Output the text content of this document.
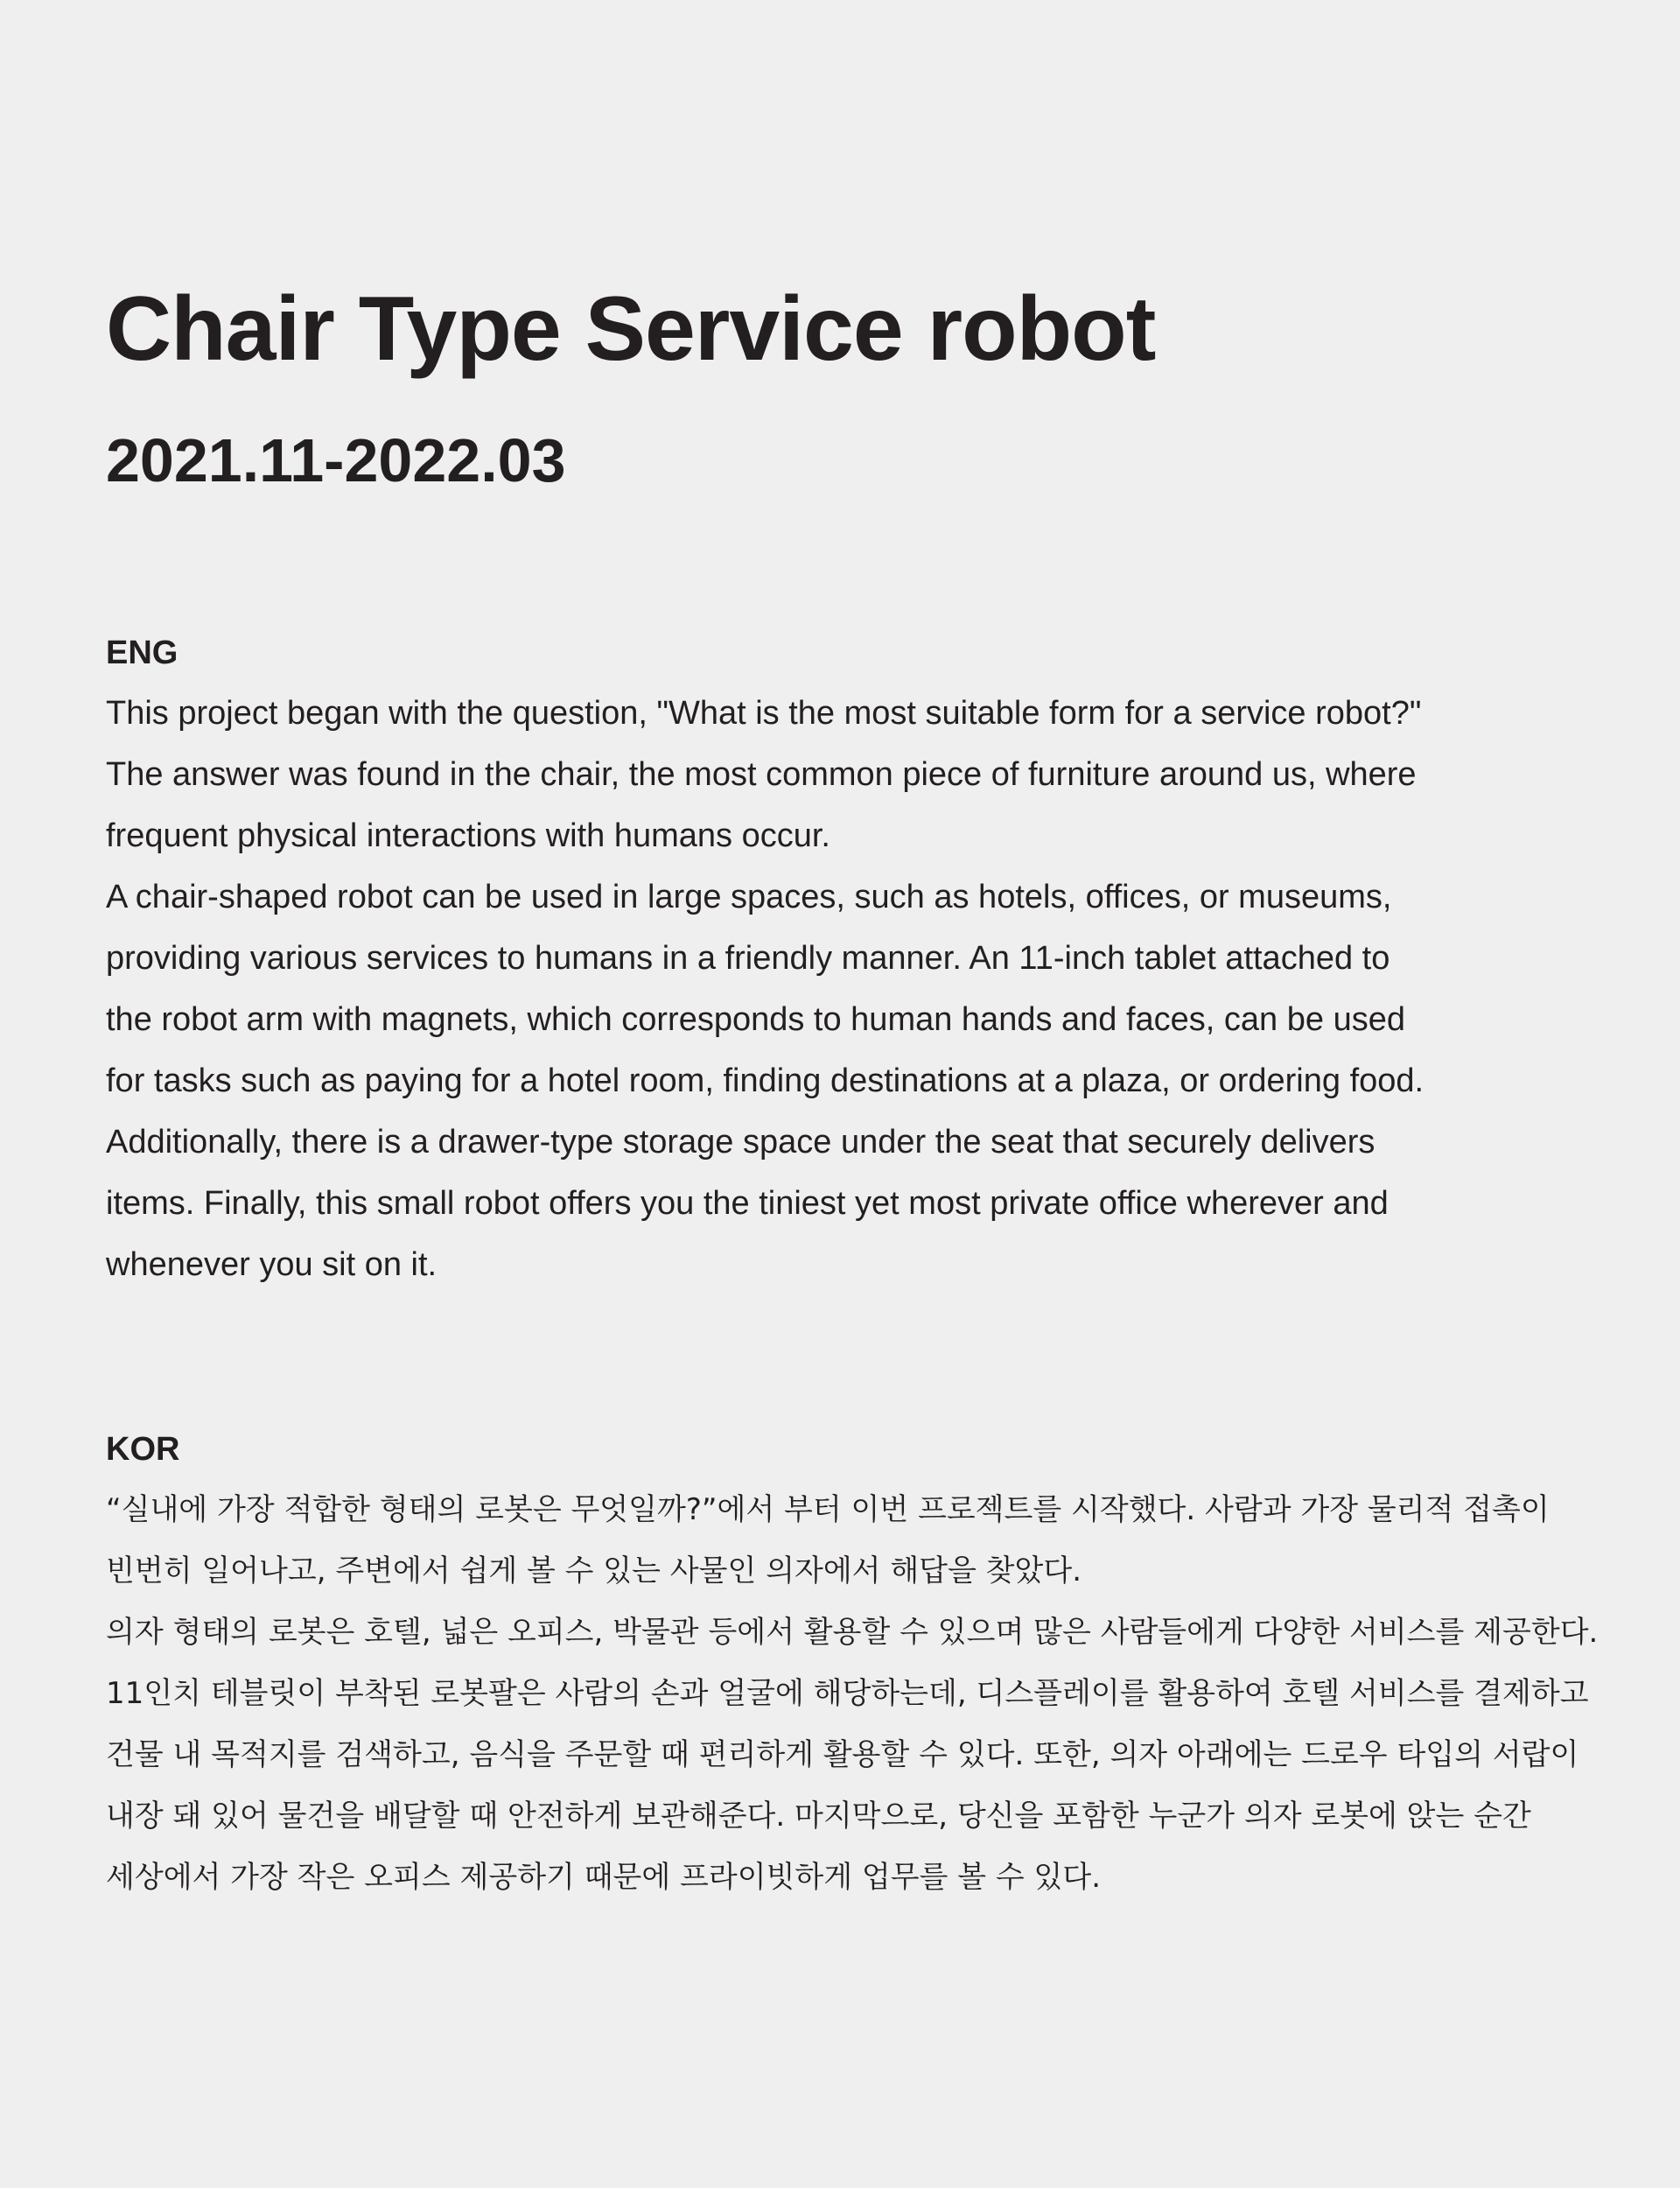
Chair Type Service robot
2021.11-2022.03
ENG
This project began with the question, "What is the most suitable form for a service robot?"
The answer was found in the chair, the most common piece of furniture around us, where
frequent physical interactions with humans occur.
A chair-shaped robot can be used in large spaces, such as hotels, offices, or museums,
providing various services to humans in a friendly manner. An 11-inch tablet attached to
the robot arm with magnets, which corresponds to human hands and faces, can be used
for tasks such as paying for a hotel room, finding destinations at a plaza, or ordering food.
Additionally, there is a drawer-type storage space under the seat that securely delivers
items. Finally, this small robot offers you the tiniest yet most private office wherever and
whenever you sit on it.
KOR
“실내에 가장 적합한 형태의 로봇은 무엇일까?”에서 부터 이번 프로젝트를 시작했다. 사람과 가장 물리적 접촉이
빈번히 일어나고, 주변에서 쉽게 볼 수 있는 사물인 의자에서 해답을 찾았다.
의자 형태의 로봇은 호텔, 넓은 오피스, 박물관 등에서 활용할 수 있으며 많은 사람들에게 다양한 서비스를 제공한다.
11인치 테블릿이 부착된 로봇팔은 사람의 손과 얼굴에 해당하는데, 디스플레이를 활용하여 호텔 서비스를 결제하고
건물 내 목적지를 검색하고, 음식을 주문할 때 편리하게 활용할 수 있다. 또한, 의자 아래에는 드로우 타입의 서랍이
내장 돼 있어 물건을 배달할 때 안전하게 보관해준다. 마지막으로, 당신을 포함한 누군가 의자 로봇에 앉는 순간
세상에서 가장 작은 오피스 제공하기 때문에 프라이빗하게 업무를 볼 수 있다.
